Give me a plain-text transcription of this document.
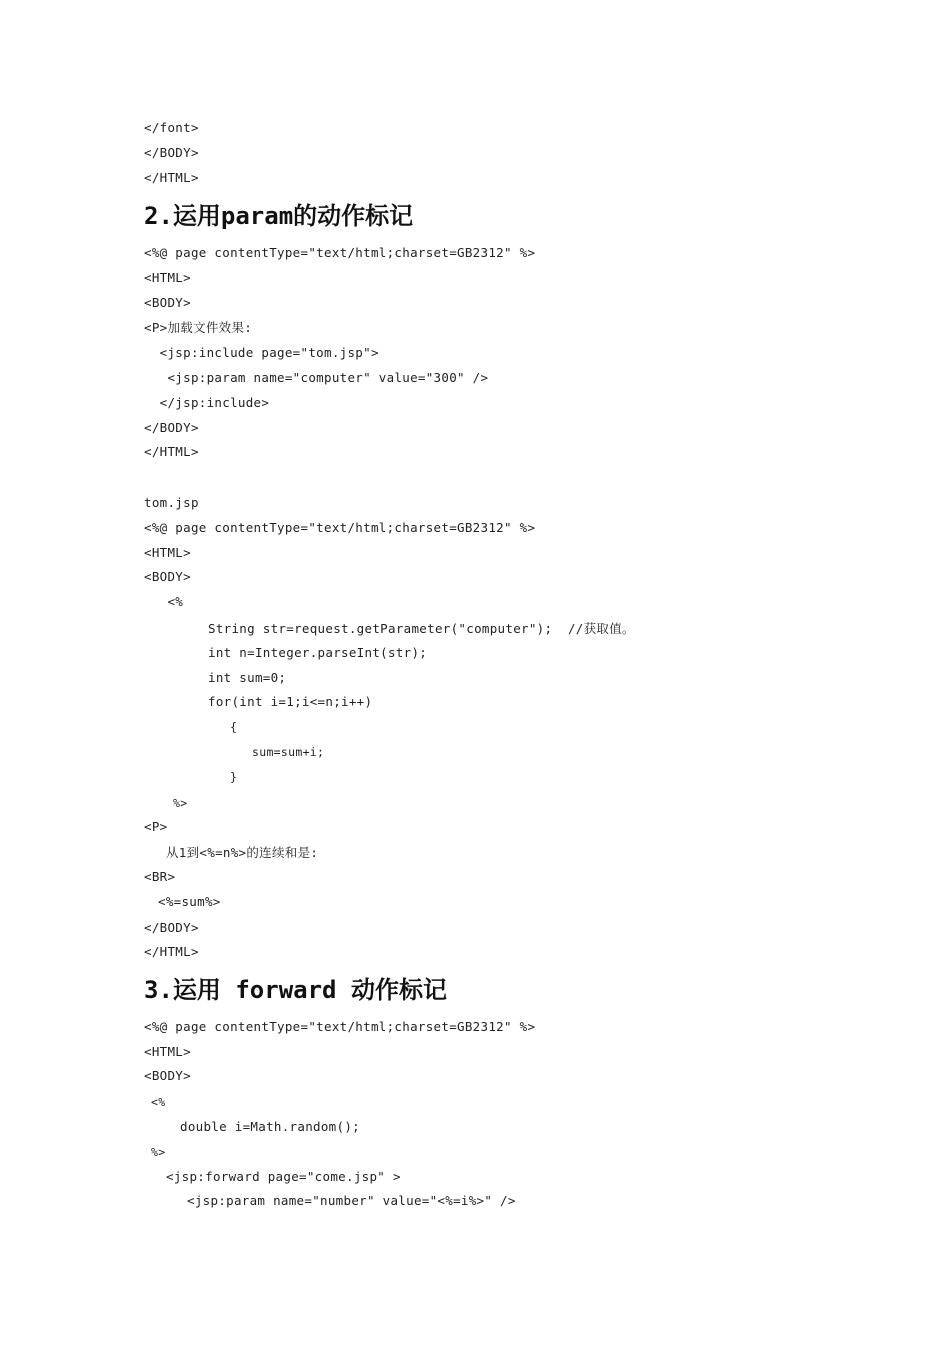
</font>
</BODY>
</HTML>
2.运用param的动作标记
<%@ page contentType="text/html;charset=GB2312" %>
<HTML>
<BODY>
<P>加载文件效果:
<jsp:include page="tom.jsp">
<jsp:param name="computer" value="300" />
</jsp:include>
</BODY>
</HTML>
tom.jsp
<%@ page contentType="text/html;charset=GB2312" %>
<HTML>
<BODY>
<%
String str=request.getParameter("computer");  //获取值。
int n=Integer.parseInt(str);
int sum=0;
for(int i=1;i<=n;i++)
{
sum=sum+i;
}
%>
<P>
从1到<%=n%>的连续和是:
<BR>
<%=sum%>
</BODY>
</HTML>
3.运用 forward 动作标记
<%@ page contentType="text/html;charset=GB2312" %>
<HTML>
<BODY>
<%
double i=Math.random();
%>
<jsp:forward page="come.jsp" >
<jsp:param name="number" value="<%=i%>" />
